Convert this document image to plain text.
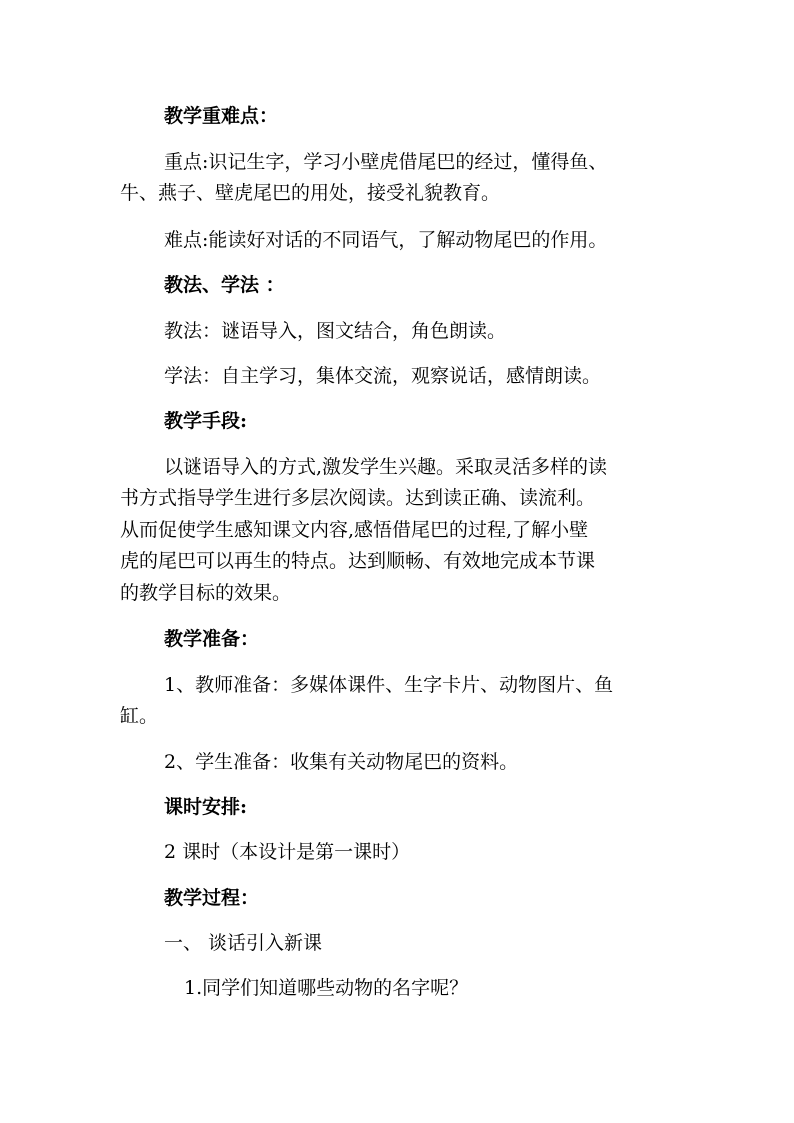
教学重难点：

重点:识记生字，学习小壁虎借尾巴的经过，懂得鱼、

牛、燕子、壁虎尾巴的用处，接受礼貌教育。

难点:能读好对话的不同语气，了解动物尾巴的作用。

教法、学法 ：

教法：谜语导入，图文结合，角色朗读。

学法：自主学习，集体交流，观察说话，感情朗读。

教学手段:

以谜语导入的方式,激发学生兴趣。采取灵活多样的读

书方式指导学生进行多层次阅读。达到读正确、读流利。

从而促使学生感知课文内容,感悟借尾巴的过程,了解小壁

虎的尾巴可以再生的特点。达到顺畅、有效地完成本节课

的教学目标的效果。

教学准备：

1、教师准备：多媒体课件、生字卡片、动物图片、鱼

缸。

2、学生准备：收集有关动物尾巴的资料。

课时安排:

2 课时（本设计是第一课时）

教学过程：

一、 谈话引入新课

1.同学们知道哪些动物的名字呢？
